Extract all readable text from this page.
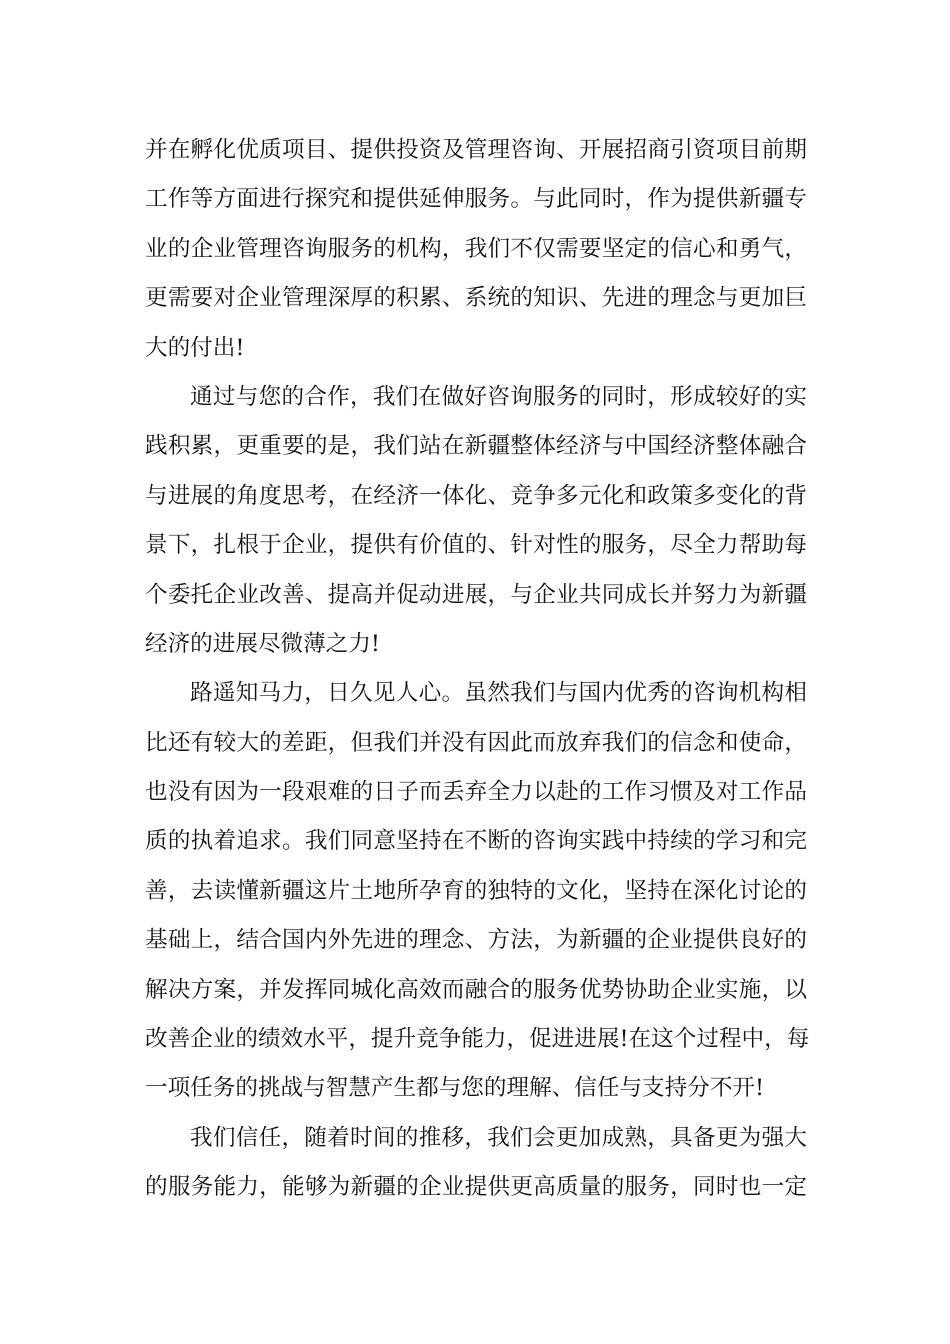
并在孵化优质项目、提供投资及管理咨询、开展招商引资项目前期
工作等方面进行探究和提供延伸服务。与此同时，作为提供新疆专
业的企业管理咨询服务的机构，我们不仅需要坚定的信心和勇气，
更需要对企业管理深厚的积累、系统的知识、先进的理念与更加巨
大的付出!
通过与您的合作，我们在做好咨询服务的同时，形成较好的实
践积累，更重要的是，我们站在新疆整体经济与中国经济整体融合
与进展的角度思考，在经济一体化、竞争多元化和政策多变化的背
景下，扎根于企业，提供有价值的、针对性的服务，尽全力帮助每
个委托企业改善、提高并促动进展，与企业共同成长并努力为新疆
经济的进展尽微薄之力!
路遥知马力，日久见人心。虽然我们与国内优秀的咨询机构相
比还有较大的差距，但我们并没有因此而放弃我们的信念和使命，
也没有因为一段艰难的日子而丢弃全力以赴的工作习惯及对工作品
质的执着追求。我们同意坚持在不断的咨询实践中持续的学习和完
善，去读懂新疆这片土地所孕育的独特的文化，坚持在深化讨论的
基础上，结合国内外先进的理念、方法，为新疆的企业提供良好的
解决方案，并发挥同城化高效而融合的服务优势协助企业实施，以
改善企业的绩效水平，提升竞争能力，促进进展!在这个过程中，每
一项任务的挑战与智慧产生都与您的理解、信任与支持分不开!
我们信任，随着时间的推移，我们会更加成熟，具备更为强大
的服务能力，能够为新疆的企业提供更高质量的服务，同时也一定
